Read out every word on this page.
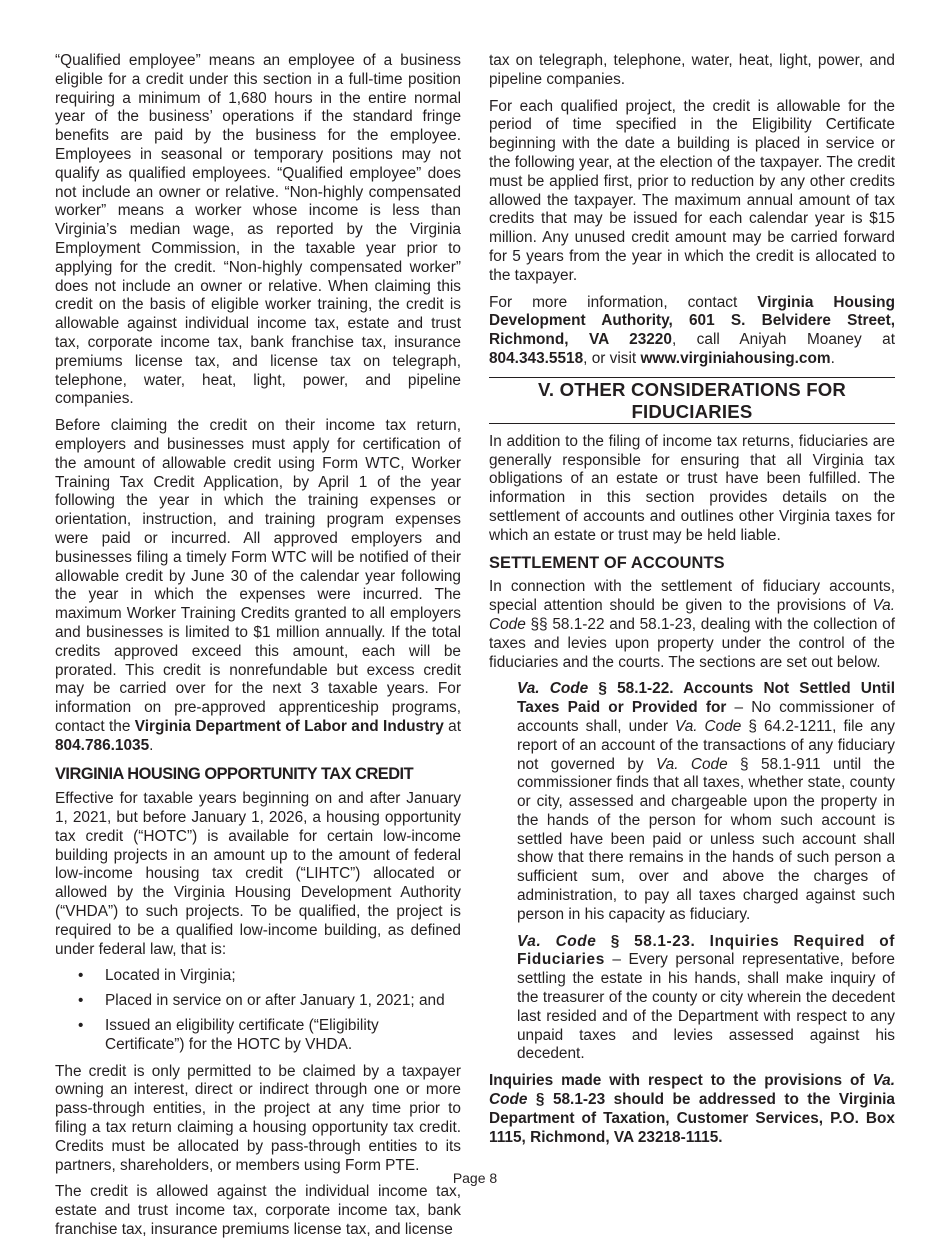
“Qualified employee” means an employee of a business eligible for a credit under this section in a full-time position requiring a minimum of 1,680 hours in the entire normal year of the business’ operations if the standard fringe benefits are paid by the business for the employee. Employees in seasonal or temporary positions may not qualify as qualified employees. “Qualified employee” does not include an owner or relative. “Non-highly compensated worker” means a worker whose income is less than Virginia’s median wage, as reported by the Virginia Employment Commission, in the taxable year prior to applying for the credit. “Non-highly compensated worker” does not include an owner or relative. When claiming this credit on the basis of eligible worker training, the credit is allowable against individual income tax, estate and trust tax, corporate income tax, bank franchise tax, insurance premiums license tax, and license tax on telegraph, telephone, water, heat, light, power, and pipeline companies.

Before claiming the credit on their income tax return, employers and businesses must apply for certification of the amount of allowable credit using Form WTC, Worker Training Tax Credit Application, by April 1 of the year following the year in which the training expenses or orientation, instruction, and training program expenses were paid or incurred. All approved employers and businesses filing a timely Form WTC will be notified of their allowable credit by June 30 of the calendar year following the year in which the expenses were incurred. The maximum Worker Training Credits granted to all employers and businesses is limited to $1 million annually. If the total credits approved exceed this amount, each will be prorated. This credit is nonrefundable but excess credit may be carried over for the next 3 taxable years. For information on pre-approved apprenticeship programs, contact the Virginia Department of Labor and Industry at 804.786.1035.

VIRGINIA HOUSING OPPORTUNITY TAX CREDIT

Effective for taxable years beginning on and after January 1, 2021, but before January 1, 2026, a housing opportunity tax credit (“HOTC”) is available for certain low-income building projects in an amount up to the amount of federal low-income housing tax credit (“LIHTC”) allocated or allowed by the Virginia Housing Development Authority (“VHDA”) to such projects. To be qualified, the project is required to be a qualified low-income building, as defined under federal law, that is:

• Located in Virginia;
• Placed in service on or after January 1, 2021; and
• Issued an eligibility certificate (“Eligibility Certificate”) for the HOTC by VHDA.

The credit is only permitted to be claimed by a taxpayer owning an interest, direct or indirect through one or more pass-through entities, in the project at any time prior to filing a tax return claiming a housing opportunity tax credit. Credits must be allocated by pass-through entities to its partners, shareholders, or members using Form PTE.

The credit is allowed against the individual income tax, estate and trust income tax, corporate income tax, bank franchise tax, insurance premiums license tax, and license

tax on telegraph, telephone, water, heat, light, power, and pipeline companies.

For each qualified project, the credit is allowable for the period of time specified in the Eligibility Certificate beginning with the date a building is placed in service or the following year, at the election of the taxpayer. The credit must be applied first, prior to reduction by any other credits allowed the taxpayer. The maximum annual amount of tax credits that may be issued for each calendar year is $15 million. Any unused credit amount may be carried forward for 5 years from the year in which the credit is allocated to the taxpayer.

For more information, contact Virginia Housing Development Authority, 601 S. Belvidere Street, Richmond, VA 23220, call Aniyah Moaney at 804.343.5518, or visit www.virginiahousing.com.

V. OTHER CONSIDERATIONS FOR FIDUCIARIES

In addition to the filing of income tax returns, fiduciaries are generally responsible for ensuring that all Virginia tax obligations of an estate or trust have been fulfilled. The information in this section provides details on the settlement of accounts and outlines other Virginia taxes for which an estate or trust may be held liable.

SETTLEMENT OF ACCOUNTS

In connection with the settlement of fiduciary accounts, special attention should be given to the provisions of Va. Code §§ 58.1-22 and 58.1-23, dealing with the collection of taxes and levies upon property under the control of the fiduciaries and the courts. The sections are set out below.

Va. Code § 58.1-22. Accounts Not Settled Until Taxes Paid or Provided for – No commissioner of accounts shall, under Va. Code § 64.2-1211, file any report of an account of the transactions of any fiduciary not governed by Va. Code § 58.1-911 until the commissioner finds that all taxes, whether state, county or city, assessed and chargeable upon the property in the hands of the person for whom such account is settled have been paid or unless such account shall show that there remains in the hands of such person a sufficient sum, over and above the charges of administration, to pay all taxes charged against such person in his capacity as fiduciary.

Va. Code § 58.1-23. Inquiries Required of Fiduciaries – Every personal representative, before settling the estate in his hands, shall make inquiry of the treasurer of the county or city wherein the decedent last resided and of the Department with respect to any unpaid taxes and levies assessed against his decedent.

Inquiries made with respect to the provisions of Va. Code § 58.1-23 should be addressed to the Virginia Department of Taxation, Customer Services, P.O. Box 1115, Richmond, VA 23218-1115.

Page 8
